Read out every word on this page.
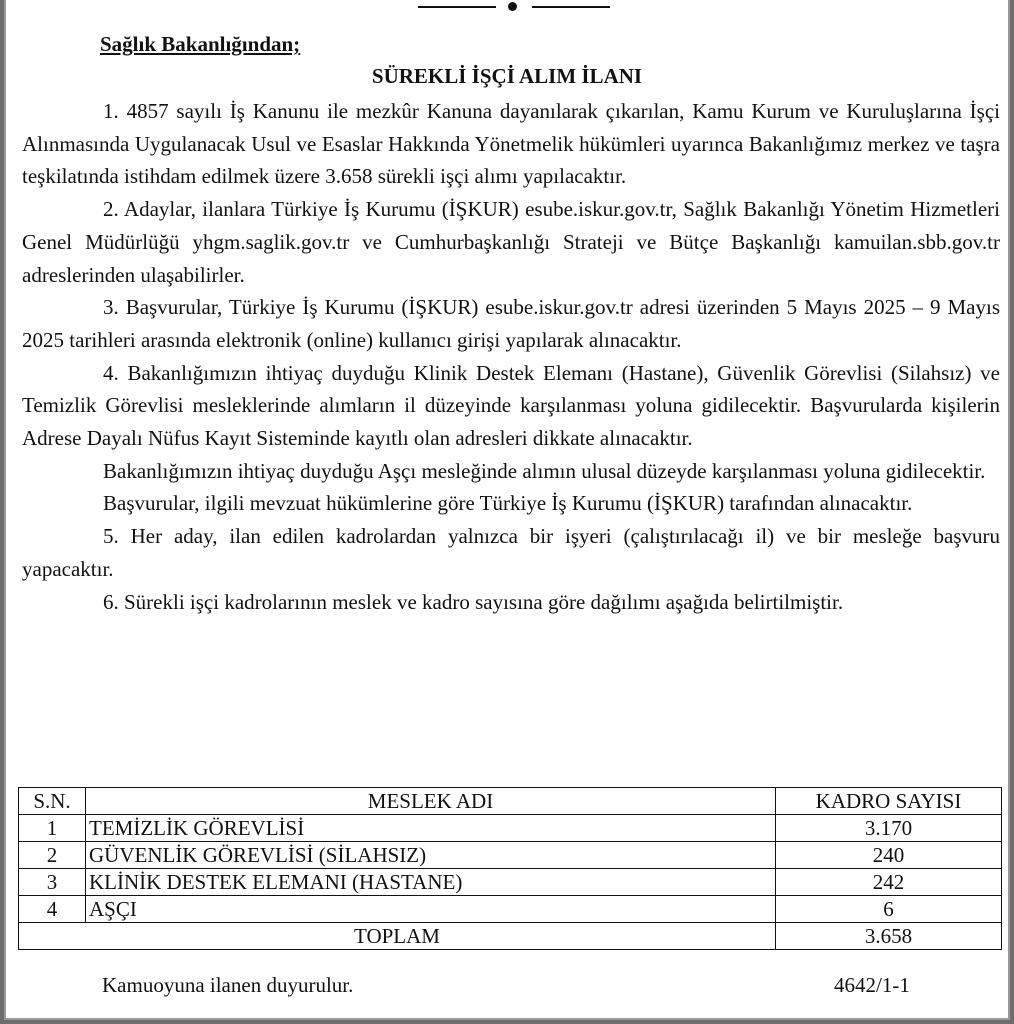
Sağlık Bakanlığından;
SÜREKLİ İŞÇİ ALIM İLANI

1. 4857 sayılı İş Kanunu ile mezkûr Kanuna dayanılarak çıkarılan, Kamu Kurum ve Kuruluşlarına İşçi Alınmasında Uygulanacak Usul ve Esaslar Hakkında Yönetmelik hükümleri uyarınca Bakanlığımız merkez ve taşra teşkilatında istihdam edilmek üzere 3.658 sürekli işçi alımı yapılacaktır.

2. Adaylar, ilanlara Türkiye İş Kurumu (İŞKUR) esube.iskur.gov.tr, Sağlık Bakanlığı Yönetim Hizmetleri Genel Müdürlüğü yhgm.saglik.gov.tr ve Cumhurbaşkanlığı Strateji ve Bütçe Başkanlığı kamuilan.sbb.gov.tr adreslerinden ulaşabilirler.

3. Başvurular, Türkiye İş Kurumu (İŞKUR) esube.iskur.gov.tr adresi üzerinden 5 Mayıs 2025 – 9 Mayıs 2025 tarihleri arasında elektronik (online) kullanıcı girişi yapılarak alınacaktır.

4. Bakanlığımızın ihtiyaç duyduğu Klinik Destek Elemanı (Hastane), Güvenlik Görevlisi (Silahsız) ve Temizlik Görevlisi mesleklerinde alımların il düzeyinde karşılanması yoluna gidilecektir. Başvurularda kişilerin Adrese Dayalı Nüfus Kayıt Sisteminde kayıtlı olan adresleri dikkate alınacaktır.

Bakanlığımızın ihtiyaç duyduğu Aşçı mesleğinde alımın ulusal düzeyde karşılanması yoluna gidilecektir.

Başvurular, ilgili mevzuat hükümlerine göre Türkiye İş Kurumu (İŞKUR) tarafından alınacaktır.

5. Her aday, ilan edilen kadrolardan yalnızca bir işyeri (çalıştırılacağı il) ve bir mesleğe başvuru yapacaktır.

6. Sürekli işçi kadrolarının meslek ve kadro sayısına göre dağılımı aşağıda belirtilmiştir.

S.N.	MESLEK ADI	KADRO SAYISI
1	TEMİZLİK GÖREVLİSİ	3.170
2	GÜVENLİK GÖREVLİSİ (SİLAHSIZ)	240
3	KLİNİK DESTEK ELEMANI (HASTANE)	242
4	AŞÇI	6
TOPLAM		3.658
Kamuoyuna ilanen duyurulur.	4642/1-1
